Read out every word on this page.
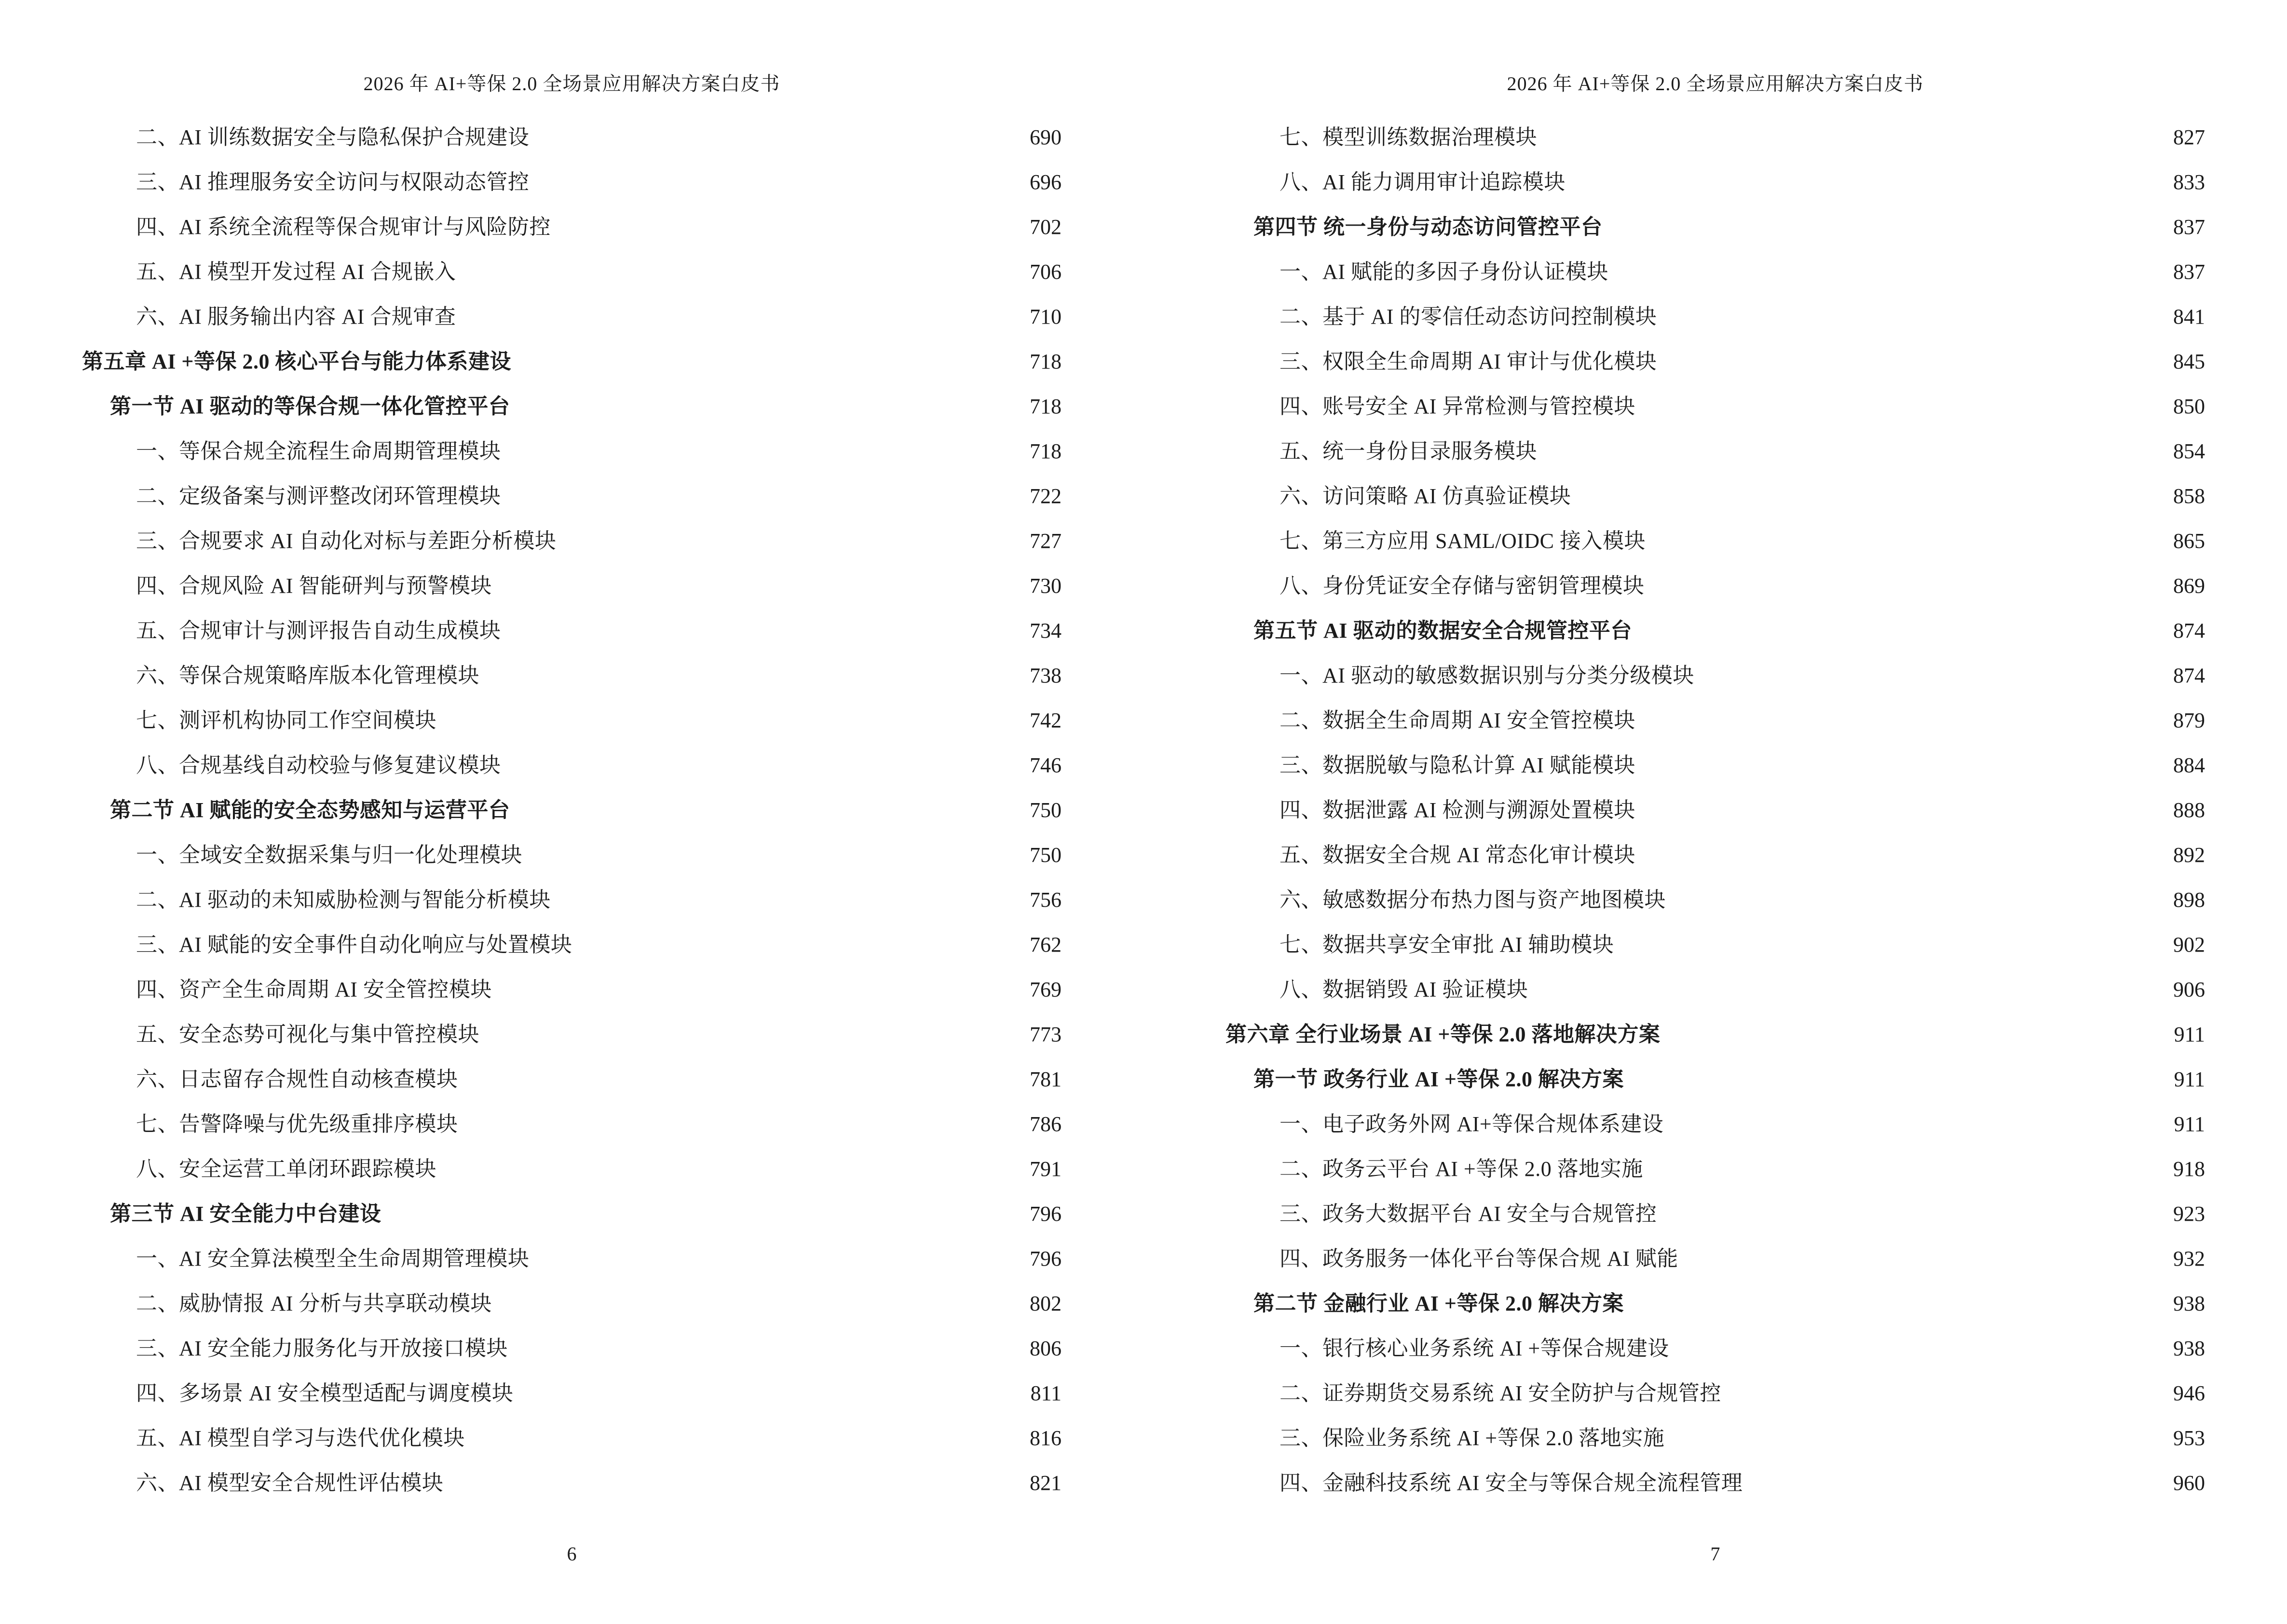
2026 年 AI+等保 2.0 全场景应用解决方案白皮书
二、AI 训练数据安全与隐私保护合规建设 .....	690
三、AI 推理服务安全访问与权限动态管控 .....	696
四、AI 系统全流程等保合规审计与风险防控 .....	702
五、AI 模型开发过程 AI 合规嵌入 .....	706
六、AI 服务输出内容 AI 合规审查 .....	710
第五章 AI +等保 2.0 核心平台与能力体系建设 .....	718
第一节 AI 驱动的等保合规一体化管控平台 .....	718
一、等保合规全流程生命周期管理模块 .....	718
二、定级备案与测评整改闭环管理模块 .....	722
三、合规要求 AI 自动化对标与差距分析模块 .....	727
四、合规风险 AI 智能研判与预警模块 .....	730
五、合规审计与测评报告自动生成模块 .....	734
六、等保合规策略库版本化管理模块 .....	738
七、测评机构协同工作空间模块 .....	742
八、合规基线自动校验与修复建议模块 .....	746
第二节 AI 赋能的安全态势感知与运营平台 .....	750
一、全域安全数据采集与归一化处理模块 .....	750
二、AI 驱动的未知威胁检测与智能分析模块 .....	756
三、AI 赋能的安全事件自动化响应与处置模块 .....	762
四、资产全生命周期 AI 安全管控模块 .....	769
五、安全态势可视化与集中管控模块 .....	773
六、日志留存合规性自动核查模块 .....	781
七、告警降噪与优先级重排序模块 .....	786
八、安全运营工单闭环跟踪模块 .....	791
第三节 AI 安全能力中台建设 .....	796
一、AI 安全算法模型全生命周期管理模块 .....	796
二、威胁情报 AI 分析与共享联动模块 .....	802
三、AI 安全能力服务化与开放接口模块 .....	806
四、多场景 AI 安全模型适配与调度模块 .....	811
五、AI 模型自学习与迭代优化模块 .....	816
六、AI 模型安全合规性评估模块 .....	821
6
2026 年 AI+等保 2.0 全场景应用解决方案白皮书
七、模型训练数据治理模块 .....	827
八、AI 能力调用审计追踪模块 .....	833
第四节 统一身份与动态访问管控平台 .....	837
一、AI 赋能的多因子身份认证模块 .....	837
二、基于 AI 的零信任动态访问控制模块 .....	841
三、权限全生命周期 AI 审计与优化模块 .....	845
四、账号安全 AI 异常检测与管控模块 .....	850
五、统一身份目录服务模块 .....	854
六、访问策略 AI 仿真验证模块 .....	858
七、第三方应用 SAML/OIDC 接入模块 .....	865
八、身份凭证安全存储与密钥管理模块 .....	869
第五节 AI 驱动的数据安全合规管控平台 .....	874
一、AI 驱动的敏感数据识别与分类分级模块 .....	874
二、数据全生命周期 AI 安全管控模块 .....	879
三、数据脱敏与隐私计算 AI 赋能模块 .....	884
四、数据泄露 AI 检测与溯源处置模块 .....	888
五、数据安全合规 AI 常态化审计模块 .....	892
六、敏感数据分布热力图与资产地图模块 .....	898
七、数据共享安全审批 AI 辅助模块 .....	902
八、数据销毁 AI 验证模块 .....	906
第六章 全行业场景 AI +等保 2.0 落地解决方案 .....	911
第一节 政务行业 AI +等保 2.0 解决方案 .....	911
一、电子政务外网 AI+等保合规体系建设 .....	911
二、政务云平台 AI +等保 2.0 落地实施 .....	918
三、政务大数据平台 AI 安全与合规管控 .....	923
四、政务服务一体化平台等保合规 AI 赋能 .....	932
第二节 金融行业 AI +等保 2.0 解决方案 .....	938
一、银行核心业务系统 AI +等保合规建设 .....	938
二、证券期货交易系统 AI 安全防护与合规管控 .....	946
三、保险业务系统 AI +等保 2.0 落地实施 .....	953
四、金融科技系统 AI 安全与等保合规全流程管理 .....	960
7
